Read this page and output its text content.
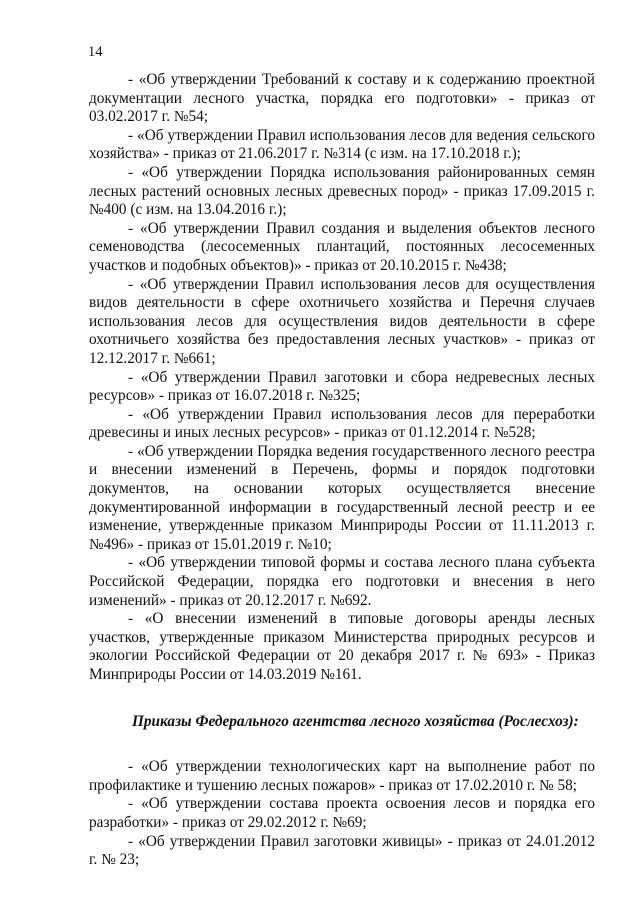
14

- «Об утверждении Требований к составу и к содержанию проектной документации лесного участка, порядка его подготовки» - приказ от 03.02.2017 г. №54;

- «Об утверждении Правил использования лесов для ведения сельского хозяйства» - приказ от 21.06.2017 г. №314 (с изм. на 17.10.2018 г.);

- «Об утверждении Порядка использования районированных семян лесных растений основных лесных древесных пород» - приказ 17.09.2015 г. №400 (с изм. на 13.04.2016 г.);

- «Об утверждении Правил создания и выделения объектов лесного семеноводства (лесосеменных плантаций, постоянных лесосеменных участков и подобных объектов)» - приказ от 20.10.2015 г. №438;

- «Об утверждении Правил использования лесов для осуществления видов деятельности в сфере охотничьего хозяйства и Перечня случаев использования лесов для осуществления видов деятельности в сфере охотничьего хозяйства без предоставления лесных участков» - приказ от 12.12.2017 г. №661;

- «Об утверждении Правил заготовки и сбора недревесных лесных ресурсов» - приказ от 16.07.2018 г. №325;

- «Об утверждении Правил использования лесов для переработки древесины и иных лесных ресурсов» - приказ от 01.12.2014 г. №528;

- «Об утверждении Порядка ведения государственного лесного реестра и внесении изменений в Перечень, формы и порядок подготовки документов, на основании которых осуществляется внесение документированной информации в государственный лесной реестр и ее изменение, утвержденные приказом Минприроды России от 11.11.2013 г. №496» - приказ от 15.01.2019 г. №10;

- «Об утверждении типовой формы и состава лесного плана субъекта Российской Федерации, порядка его подготовки и внесения в него изменений» - приказ от 20.12.2017 г. №692.

- «О внесении изменений в типовые договоры аренды лесных участков, утвержденные приказом Министерства природных ресурсов и экологии Российской Федерации от 20 декабря 2017 г. № 693» - Приказ Минприроды России от 14.03.2019 №161.

Приказы Федерального агентства лесного хозяйства (Рослесхоз):

- «Об утверждении технологических карт на выполнение работ по профилактике и тушению лесных пожаров» - приказ от 17.02.2010 г. № 58;

- «Об утверждении состава проекта освоения лесов и порядка его разработки» - приказ от 29.02.2012 г. №69;

- «Об утверждении Правил заготовки живицы» - приказ от 24.01.2012 г. № 23;
